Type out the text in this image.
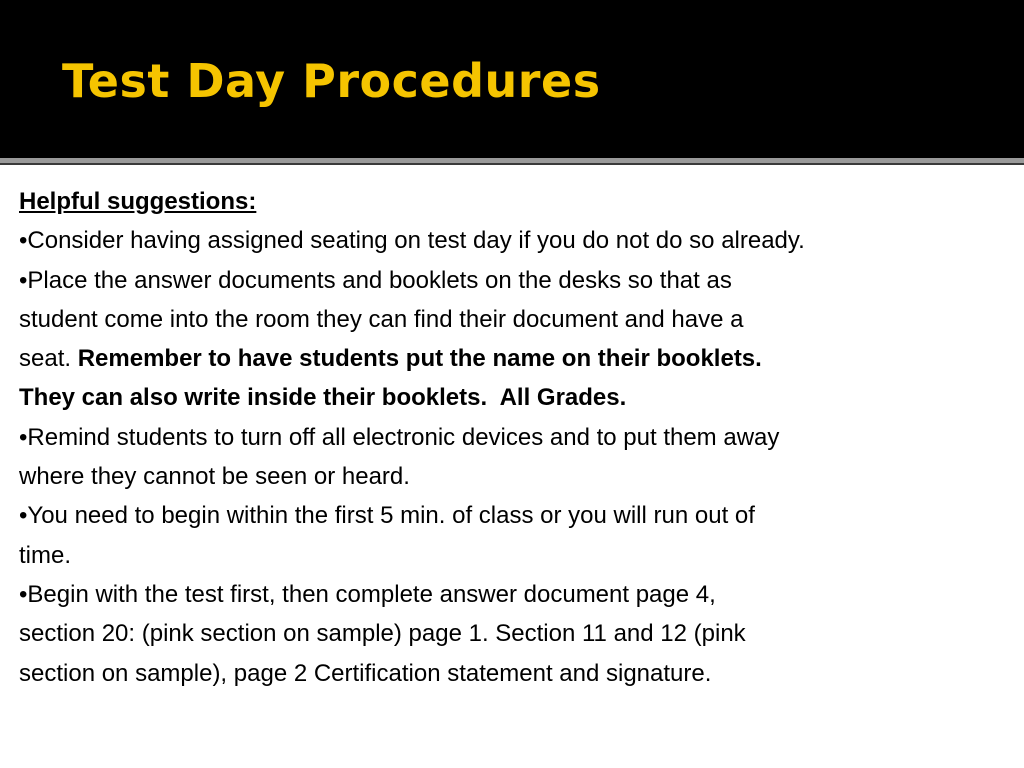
Test Day Procedures
Helpful suggestions:
•Consider having assigned seating on test day if you do not do so already.
•Place the answer documents and booklets on the desks so that as
student come into the room they can find their document and have a
seat. Remember to have students put the name on their booklets.
They can also write inside their booklets.  All Grades.
•Remind students to turn off all electronic devices and to put them away
where they cannot be seen or heard.
•You need to begin within the first 5 min. of class or you will run out of
time.
•Begin with the test first, then complete answer document page 4,
section 20: (pink section on sample) page 1. Section 11 and 12 (pink
section on sample), page 2 Certification statement and signature.
